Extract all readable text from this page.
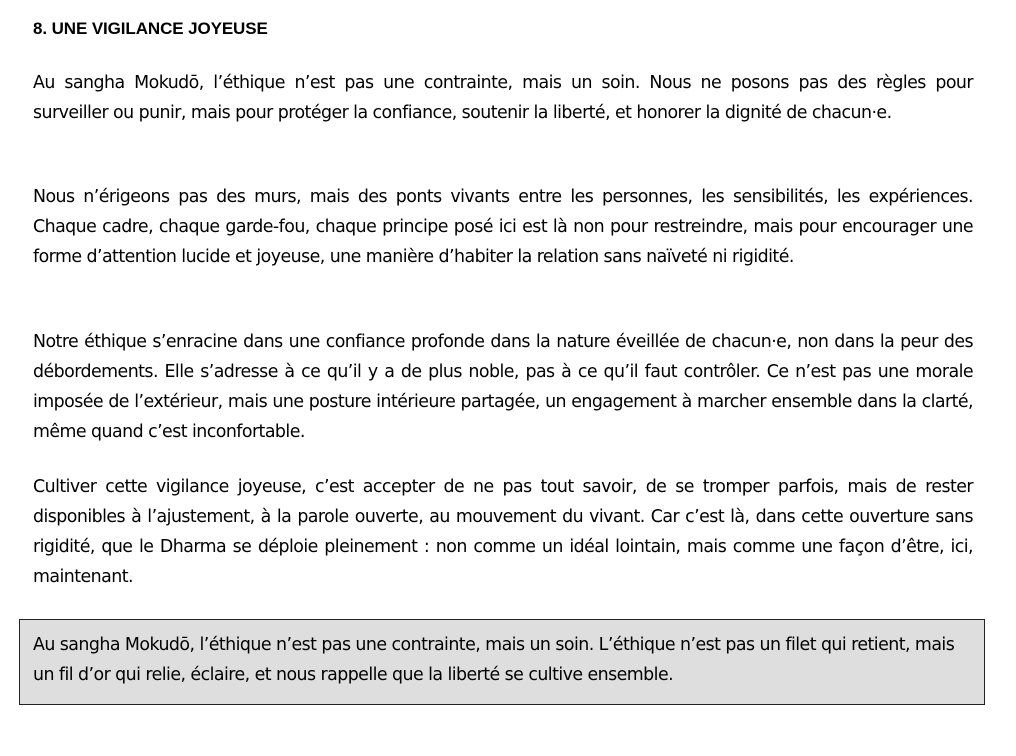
8. UNE VIGILANCE JOYEUSE

Au sangha Mokudō, l’éthique n’est pas une contrainte, mais un soin. Nous ne posons pas des règles pour surveiller ou punir, mais pour protéger la confiance, soutenir la liberté, et honorer la dignité de chacun·e.

Nous n’érigeons pas des murs, mais des ponts vivants entre les personnes, les sensibilités, les expériences. Chaque cadre, chaque garde-fou, chaque principe posé ici est là non pour restreindre, mais pour encourager une forme d’attention lucide et joyeuse, une manière d’habiter la relation sans naïveté ni rigidité.

Notre éthique s’enracine dans une confiance profonde dans la nature éveillée de chacun·e, non dans la peur des débordements. Elle s’adresse à ce qu’il y a de plus noble, pas à ce qu’il faut contrôler. Ce n’est pas une morale imposée de l’extérieur, mais une posture intérieure partagée, un engagement à marcher ensemble dans la clarté, même quand c’est inconfortable.

Cultiver cette vigilance joyeuse, c’est accepter de ne pas tout savoir, de se tromper parfois, mais de rester disponibles à l’ajustement, à la parole ouverte, au mouvement du vivant. Car c’est là, dans cette ouverture sans rigidité, que le Dharma se déploie pleinement : non comme un idéal lointain, mais comme une façon d’être, ici, maintenant.

Au sangha Mokudō, l’éthique n’est pas une contrainte, mais un soin. L’éthique n’est pas un filet qui retient, mais un fil d’or qui relie, éclaire, et nous rappelle que la liberté se cultive ensemble.
